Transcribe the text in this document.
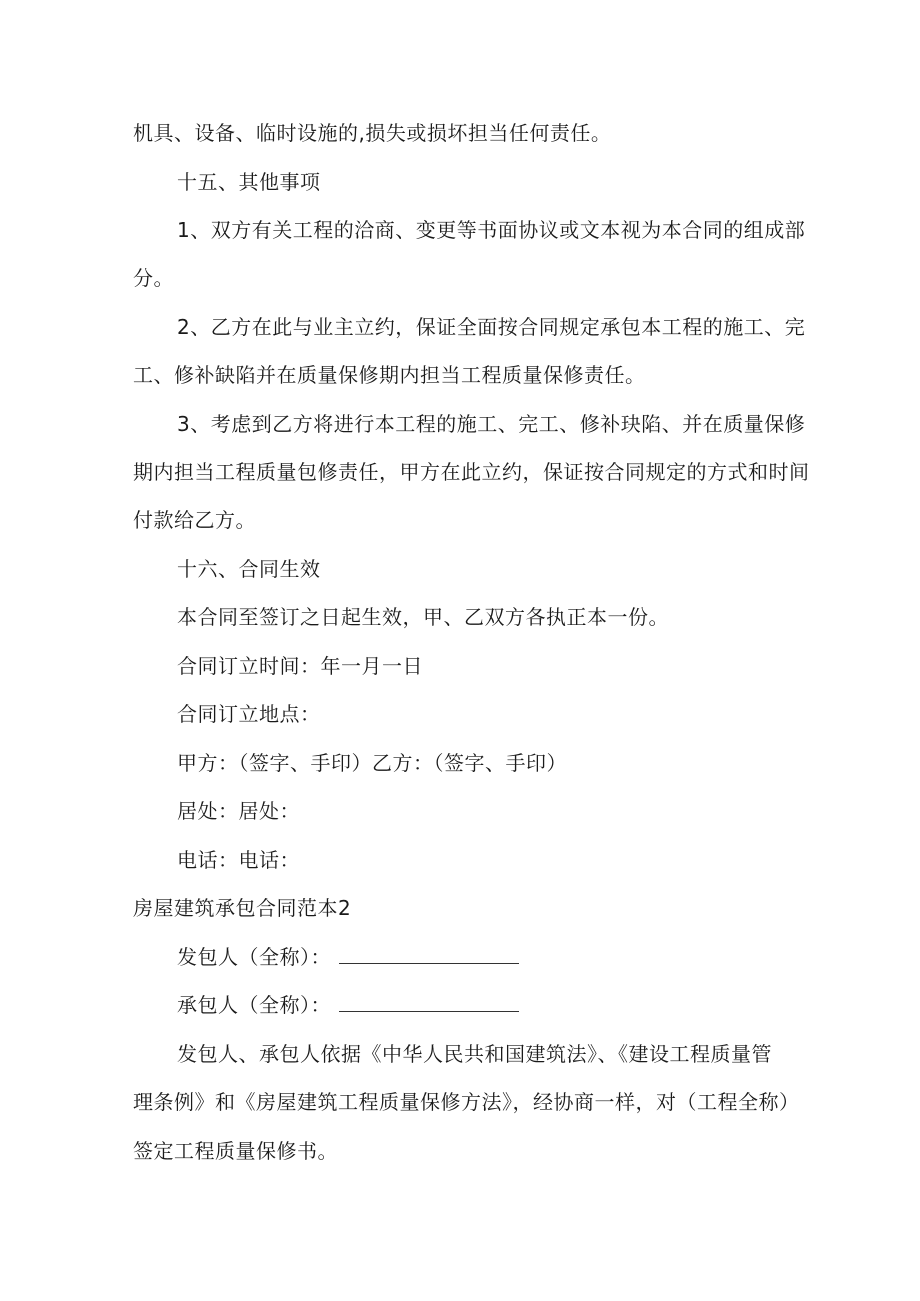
机具、设备、临时设施的,损失或损坏担当任何责任。
十五、其他事项
1、双方有关工程的洽商、变更等书面协议或文本视为本合同的组成部
分。
2、乙方在此与业主立约，保证全面按合同规定承包本工程的施工、完
工、修补缺陷并在质量保修期内担当工程质量保修责任。
3、考虑到乙方将进行本工程的施工、完工、修补玦陷、并在质量保修
期内担当工程质量包修责任，甲方在此立约，保证按合同规定的方式和时间
付款给乙方。
十六、合同生效
本合同至签订之日起生效，甲、乙双方各执正本一份。
合同订立时间：年一月一日
合同订立地点：
甲方：（签字、手印）乙方：（签字、手印）
居处：居处：
电话：电话：
房屋建筑承包合同范本2
发包人（全称）：
承包人（全称）：
发包人、承包人依据《中华人民共和国建筑法》、《建设工程质量管
理条例》和《房屋建筑工程质量保修方法》，经协商一样，对（工程全称）
签定工程质量保修书。
